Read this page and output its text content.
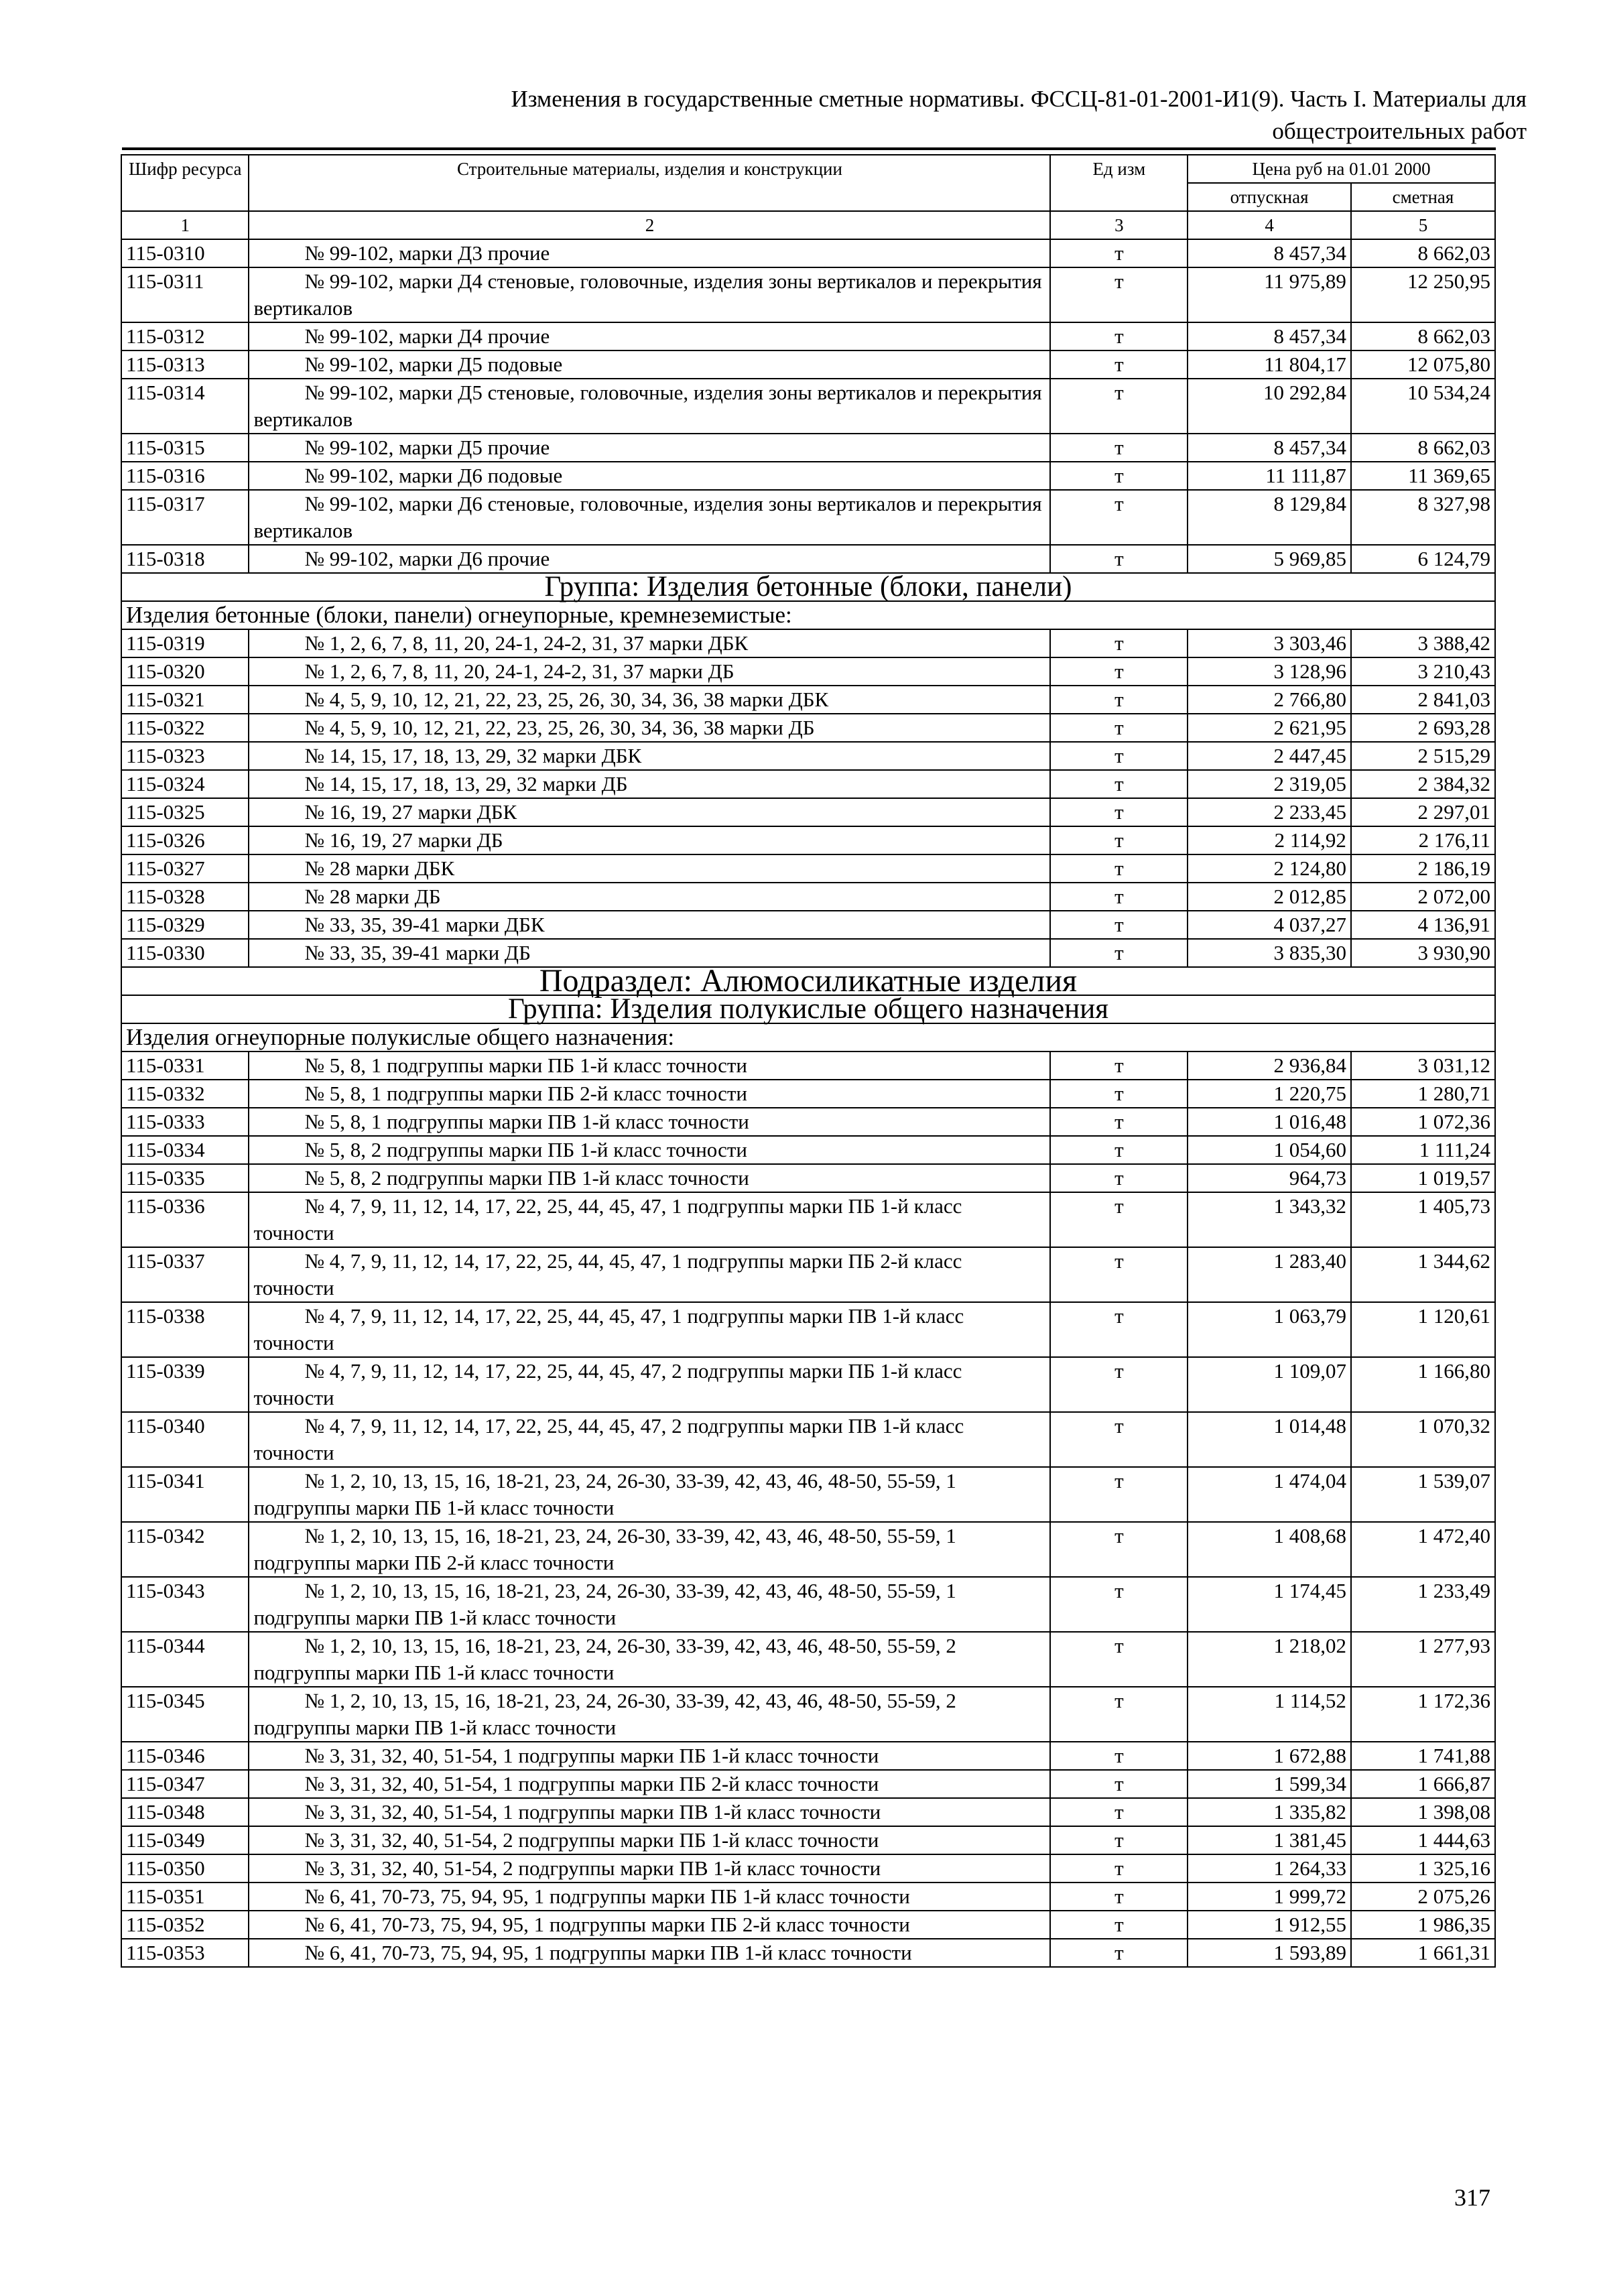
Изменения в государственные сметные нормативы. ФССЦ-81-01-2001-И1(9). Часть I. Материалы для
общестроительных работ
Шифр ресурса	Строительные материалы, изделия и конструкции	Ед изм	Цена руб на 01.01 2000	
			отпускная	сметная
1	2	3	4	5
115-0310	№ 99-102, марки Д3 прочие	т	8 457,34	8 662,03
115-0311	№ 99-102, марки Д4 стеновые, головочные, изделия зоны вертикалов и перекрытия вертикалов	т	11 975,89	12 250,95
115-0312	№ 99-102, марки Д4 прочие	т	8 457,34	8 662,03
115-0313	№ 99-102, марки Д5 подовые	т	11 804,17	12 075,80
115-0314	№ 99-102, марки Д5 стеновые, головочные, изделия зоны вертикалов и перекрытия вертикалов	т	10 292,84	10 534,24
115-0315	№ 99-102, марки Д5 прочие	т	8 457,34	8 662,03
115-0316	№ 99-102, марки Д6 подовые	т	11 111,87	11 369,65
115-0317	№ 99-102, марки Д6 стеновые, головочные, изделия зоны вертикалов и перекрытия вертикалов	т	8 129,84	8 327,98
115-0318	№ 99-102, марки Д6 прочие	т	5 969,85	6 124,79
Группа: Изделия бетонные (блоки, панели)				
Изделия бетонные (блоки, панели) огнеупорные, кремнеземистые:				
115-0319	№ 1, 2, 6, 7, 8, 11, 20, 24-1, 24-2, 31, 37 марки ДБК	т	3 303,46	3 388,42
115-0320	№ 1, 2, 6, 7, 8, 11, 20, 24-1, 24-2, 31, 37 марки ДБ	т	3 128,96	3 210,43
115-0321	№ 4, 5, 9, 10, 12, 21, 22, 23, 25, 26, 30, 34, 36, 38 марки ДБК	т	2 766,80	2 841,03
115-0322	№ 4, 5, 9, 10, 12, 21, 22, 23, 25, 26, 30, 34, 36, 38 марки ДБ	т	2 621,95	2 693,28
115-0323	№ 14, 15, 17, 18, 13, 29, 32 марки ДБК	т	2 447,45	2 515,29
115-0324	№ 14, 15, 17, 18, 13, 29, 32 марки ДБ	т	2 319,05	2 384,32
115-0325	№ 16, 19, 27 марки ДБК	т	2 233,45	2 297,01
115-0326	№ 16, 19, 27 марки ДБ	т	2 114,92	2 176,11
115-0327	№ 28 марки ДБК	т	2 124,80	2 186,19
115-0328	№ 28 марки ДБ	т	2 012,85	2 072,00
115-0329	№ 33, 35, 39-41 марки ДБК	т	4 037,27	4 136,91
115-0330	№ 33, 35, 39-41 марки ДБ	т	3 835,30	3 930,90
Подраздел: Алюмосиликатные изделия				
Группа: Изделия полукислые общего назначения				
Изделия огнеупорные полукислые общего назначения:				
115-0331	№ 5, 8, 1 подгруппы марки ПБ 1-й класс точности	т	2 936,84	3 031,12
115-0332	№ 5, 8, 1 подгруппы марки ПБ 2-й класс точности	т	1 220,75	1 280,71
115-0333	№ 5, 8, 1 подгруппы марки ПВ 1-й класс точности	т	1 016,48	1 072,36
115-0334	№ 5, 8, 2 подгруппы марки ПБ 1-й класс точности	т	1 054,60	1 111,24
115-0335	№ 5, 8, 2 подгруппы марки ПВ 1-й класс точности	т	964,73	1 019,57
115-0336	№ 4, 7, 9, 11, 12, 14, 17, 22, 25, 44, 45, 47, 1 подгруппы марки ПБ 1-й класс точности	т	1 343,32	1 405,73
115-0337	№ 4, 7, 9, 11, 12, 14, 17, 22, 25, 44, 45, 47, 1 подгруппы марки ПБ 2-й класс точности	т	1 283,40	1 344,62
115-0338	№ 4, 7, 9, 11, 12, 14, 17, 22, 25, 44, 45, 47, 1 подгруппы марки ПВ 1-й класс точности	т	1 063,79	1 120,61
115-0339	№ 4, 7, 9, 11, 12, 14, 17, 22, 25, 44, 45, 47, 2 подгруппы марки ПБ 1-й класс точности	т	1 109,07	1 166,80
115-0340	№ 4, 7, 9, 11, 12, 14, 17, 22, 25, 44, 45, 47, 2 подгруппы марки ПВ 1-й класс точности	т	1 014,48	1 070,32
115-0341	№ 1, 2, 10, 13, 15, 16, 18-21, 23, 24, 26-30, 33-39, 42, 43, 46, 48-50, 55-59, 1 подгруппы марки ПБ 1-й класс точности	т	1 474,04	1 539,07
115-0342	№ 1, 2, 10, 13, 15, 16, 18-21, 23, 24, 26-30, 33-39, 42, 43, 46, 48-50, 55-59, 1 подгруппы марки ПБ 2-й класс точности	т	1 408,68	1 472,40
115-0343	№ 1, 2, 10, 13, 15, 16, 18-21, 23, 24, 26-30, 33-39, 42, 43, 46, 48-50, 55-59, 1 подгруппы марки ПВ 1-й класс точности	т	1 174,45	1 233,49
115-0344	№ 1, 2, 10, 13, 15, 16, 18-21, 23, 24, 26-30, 33-39, 42, 43, 46, 48-50, 55-59, 2 подгруппы марки ПБ 1-й класс точности	т	1 218,02	1 277,93
115-0345	№ 1, 2, 10, 13, 15, 16, 18-21, 23, 24, 26-30, 33-39, 42, 43, 46, 48-50, 55-59, 2 подгруппы марки ПВ 1-й класс точности	т	1 114,52	1 172,36
115-0346	№ 3, 31, 32, 40, 51-54, 1 подгруппы марки ПБ 1-й класс точности	т	1 672,88	1 741,88
115-0347	№ 3, 31, 32, 40, 51-54, 1 подгруппы марки ПБ 2-й класс точности	т	1 599,34	1 666,87
115-0348	№ 3, 31, 32, 40, 51-54, 1 подгруппы марки ПВ 1-й класс точности	т	1 335,82	1 398,08
115-0349	№ 3, 31, 32, 40, 51-54, 2 подгруппы марки ПБ 1-й класс точности	т	1 381,45	1 444,63
115-0350	№ 3, 31, 32, 40, 51-54, 2 подгруппы марки ПВ 1-й класс точности	т	1 264,33	1 325,16
115-0351	№ 6, 41, 70-73, 75, 94, 95, 1 подгруппы марки ПБ 1-й класс точности	т	1 999,72	2 075,26
115-0352	№ 6, 41, 70-73, 75, 94, 95, 1 подгруппы марки ПБ 2-й класс точности	т	1 912,55	1 986,35
115-0353	№ 6, 41, 70-73, 75, 94, 95, 1 подгруппы марки ПВ 1-й класс точности	т	1 593,89	1 661,31
317
